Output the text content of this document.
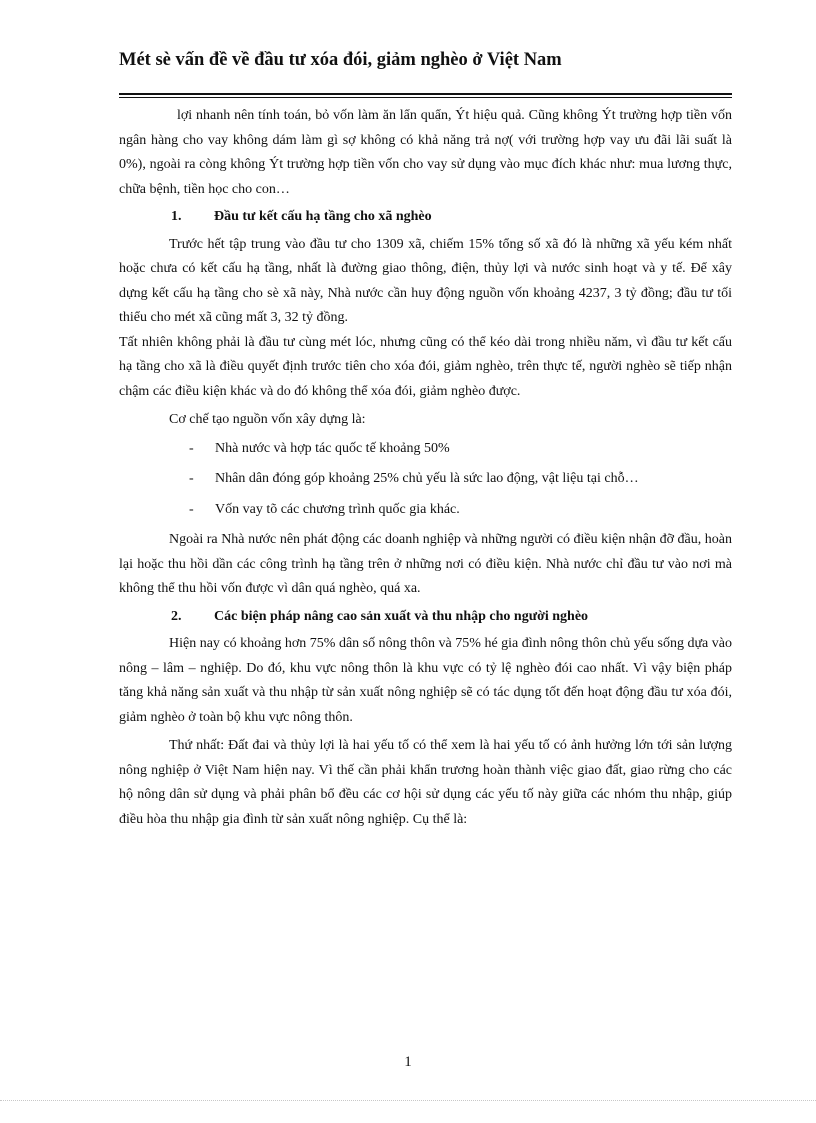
Mét sè vấn đề về đầu tư xóa đói, giảm nghèo ở Việt Nam

lợi nhanh nên tính toán, bỏ vốn làm ăn lẩn quẩn, Ýt hiệu quả. Cũng không Ýt trường hợp tiền vốn ngân hàng cho vay không dám làm gì sợ không có khả năng trả nợ( với trường hợp vay ưu đãi lãi suất là 0%), ngoài ra còng không Ýt trường hợp tiền vốn cho vay sử dụng vào mục đích khác như: mua lương thực, chữa bệnh, tiền học cho con…

1. Đầu tư kết cấu hạ tầng cho xã nghèo

Trước hết tập trung vào đầu tư cho 1309 xã, chiếm 15% tổng số xã đó là những xã yếu kém nhất hoặc chưa có kết cấu hạ tầng, nhất là đường giao thông, điện, thủy lợi và nước sinh hoạt và y tế. Để xây dựng kết cấu hạ tầng cho sè xã này, Nhà nước cần huy động nguồn vốn khoảng 4237, 3 tỷ đồng; đầu tư tối thiểu cho mét xã cũng mất 3, 32 tỷ đồng.

Tất nhiên không phải là đầu tư cùng mét lóc, nhưng cũng có thể kéo dài trong nhiều năm, vì đầu tư kết cấu hạ tầng cho xã là điều quyết định trước tiên cho xóa đói, giảm nghèo, trên thực tế, người nghèo sẽ tiếp nhận chậm các điều kiện khác và do đó không thể xóa đói, giảm nghèo được.

Cơ chế tạo nguồn vốn xây dựng là:

- Nhà nước và hợp tác quốc tế khoảng 50%
- Nhân dân đóng góp khoảng 25% chủ yếu là sức lao động, vật liệu tại chỗ…
- Vốn vay tõ các chương trình quốc gia khác.

Ngoài ra Nhà nước nên phát động các doanh nghiệp và những người có điều kiện nhận đỡ đầu, hoàn lại hoặc thu hồi dần các công trình hạ tầng trên ở những nơi có điều kiện. Nhà nước chỉ đầu tư vào nơi mà không thể thu hồi vốn được vì dân quá nghèo, quá xa.

2. Các biện pháp nâng cao sản xuất và thu nhập cho người nghèo

Hiện nay có khoảng hơn 75% dân số nông thôn và 75% hé gia đình nông thôn chủ yếu sống dựa vào nông – lâm – nghiệp. Do đó, khu vực nông thôn là khu vực có tỷ lệ nghèo đói cao nhất. Vì vậy biện pháp tăng khả năng sản xuất và thu nhập từ sản xuất nông nghiệp sẽ có tác dụng tốt đến hoạt động đầu tư xóa đói, giảm nghèo ở toàn bộ khu vực nông thôn.

Thứ nhất: Đất đai và thủy lợi là hai yếu tố có thể xem là hai yếu tố có ảnh hưởng lớn tới sản lượng nông nghiệp ở Việt Nam hiện nay. Vì thế cần phải khẩn trương hoàn thành việc giao đất, giao rừng cho các hộ nông dân sử dụng và phải phân bổ đều các cơ hội sử dụng các yếu tố này giữa các nhóm thu nhập, giúp điều hòa thu nhập gia đình từ sản xuất nông nghiệp. Cụ thể là:

1
